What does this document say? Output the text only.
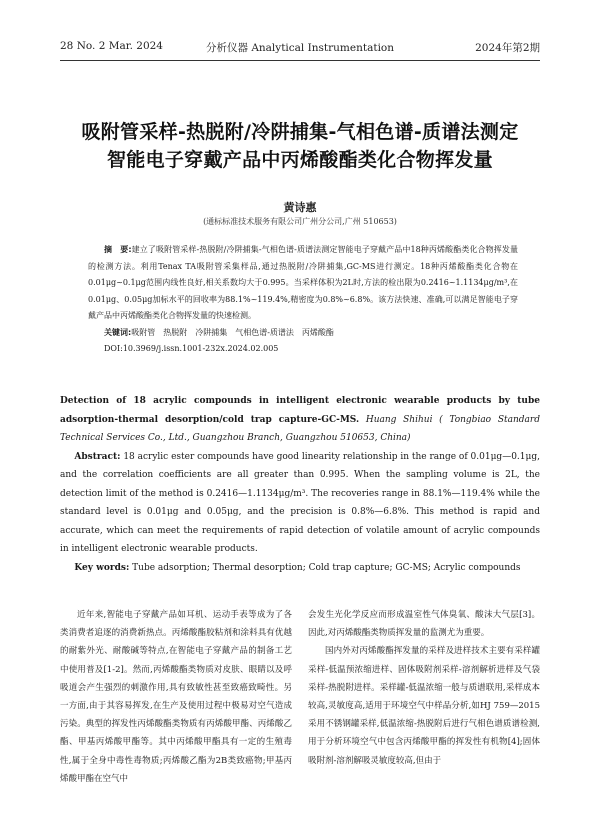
28 No. 2 Mar. 2024	分析仪器 Analytical Instrumentation	2024年第2期
吸附管采样-热脱附/冷阱捕集-气相色谱-质谱法测定
智能电子穿戴产品中丙烯酸酯类化合物挥发量
黄诗惠
(通标标准技术服务有限公司广州分公司,广州 510653)

摘　要:建立了吸附管采样-热脱附/冷阱捕集-气相色谱-质谱法测定智能电子穿戴产品中18种丙烯酸酯类化合物挥发量的检测方法。利用Tenax TA吸附管采集样品,通过热脱附/冷阱捕集,GC-MS进行测定。18种丙烯酸酯类化合物在0.01μg~0.1μg范围内线性良好,相关系数均大于0.995。当采样体积为2L时,方法的检出限为0.2416~1.1134μg/m³,在0.01μg、0.05μg加标水平的回收率为88.1%~119.4%,精密度为0.8%~6.8%。该方法快速、准确,可以满足智能电子穿戴产品中丙烯酸酯类化合物挥发量的快速检测。

关键词:吸附管　热脱附　冷阱捕集　气相色谱-质谱法　丙烯酸酯

DOI:10.3969/j.issn.1001-232x.2024.02.005

Detection of 18 acrylic compounds in intelligent electronic wearable products by tube adsorption-thermal desorption/cold trap capture-GC-MS. Huang Shihui ( Tongbiao Standard Technical Services Co., Ltd., Guangzhou Branch, Guangzhou 510653, China)

Abstract: 18 acrylic ester compounds have good linearity relationship in the range of 0.01μg—0.1μg, and the correlation coefficients are all greater than 0.995. When the sampling volume is 2L, the detection limit of the method is 0.2416—1.1134μg/m³. The recoveries range in 88.1%—119.4% while the standard level is 0.01μg and 0.05μg, and the precision is 0.8%—6.8%. This method is rapid and accurate, which can meet the requirements of rapid detection of volatile amount of acrylic compounds in intelligent electronic wearable products.

Key words: Tube adsorption; Thermal desorption; Cold trap capture; GC-MS; Acrylic compounds

近年来,智能电子穿戴产品如耳机、运动手表等成为了各类消费者追逐的消费新热点。丙烯酸酯胶粘剂和涂料具有优越的耐紫外光、耐酸碱等特点,在智能电子穿戴产品的制备工艺中使用普及[1-2]。然而,丙烯酸酯类物质对皮肤、眼睛以及呼吸道会产生强烈的刺激作用,具有致敏性甚至致癌致畸性。另一方面,由于其容易挥发,在生产及使用过程中极易对空气造成污染。典型的挥发性丙烯酸酯类物质有丙烯酸甲酯、丙烯酸乙酯、甲基丙烯酸甲酯等。其中丙烯酸甲酯具有一定的生殖毒性,属于全身中毒性毒物质;丙烯酸乙酯为2B类致癌物;甲基丙烯酸甲酯在空气中

会发生光化学反应而形成温室性气体臭氧、酸沫大气层[3]。因此,对丙烯酸酯类物质挥发量的监测尤为重要。

国内外对丙烯酸酯挥发量的采样及进样技术主要有采样罐采样-低温预浓缩进样、固体吸附剂采样-溶剂解析进样及气袋采样-热脱附进样。采样罐-低温浓缩一般与质谱联用,采样成本较高,灵敏度高,适用于环境空气中样品分析,如HJ 759—2015采用不锈钢罐采样,低温浓缩-热脱附后进行气相色谱质谱检测,用于分析环境空气中包含丙烯酸甲酯的挥发性有机物[4];固体吸附剂-溶剂解吸灵敏度较高,但由于
